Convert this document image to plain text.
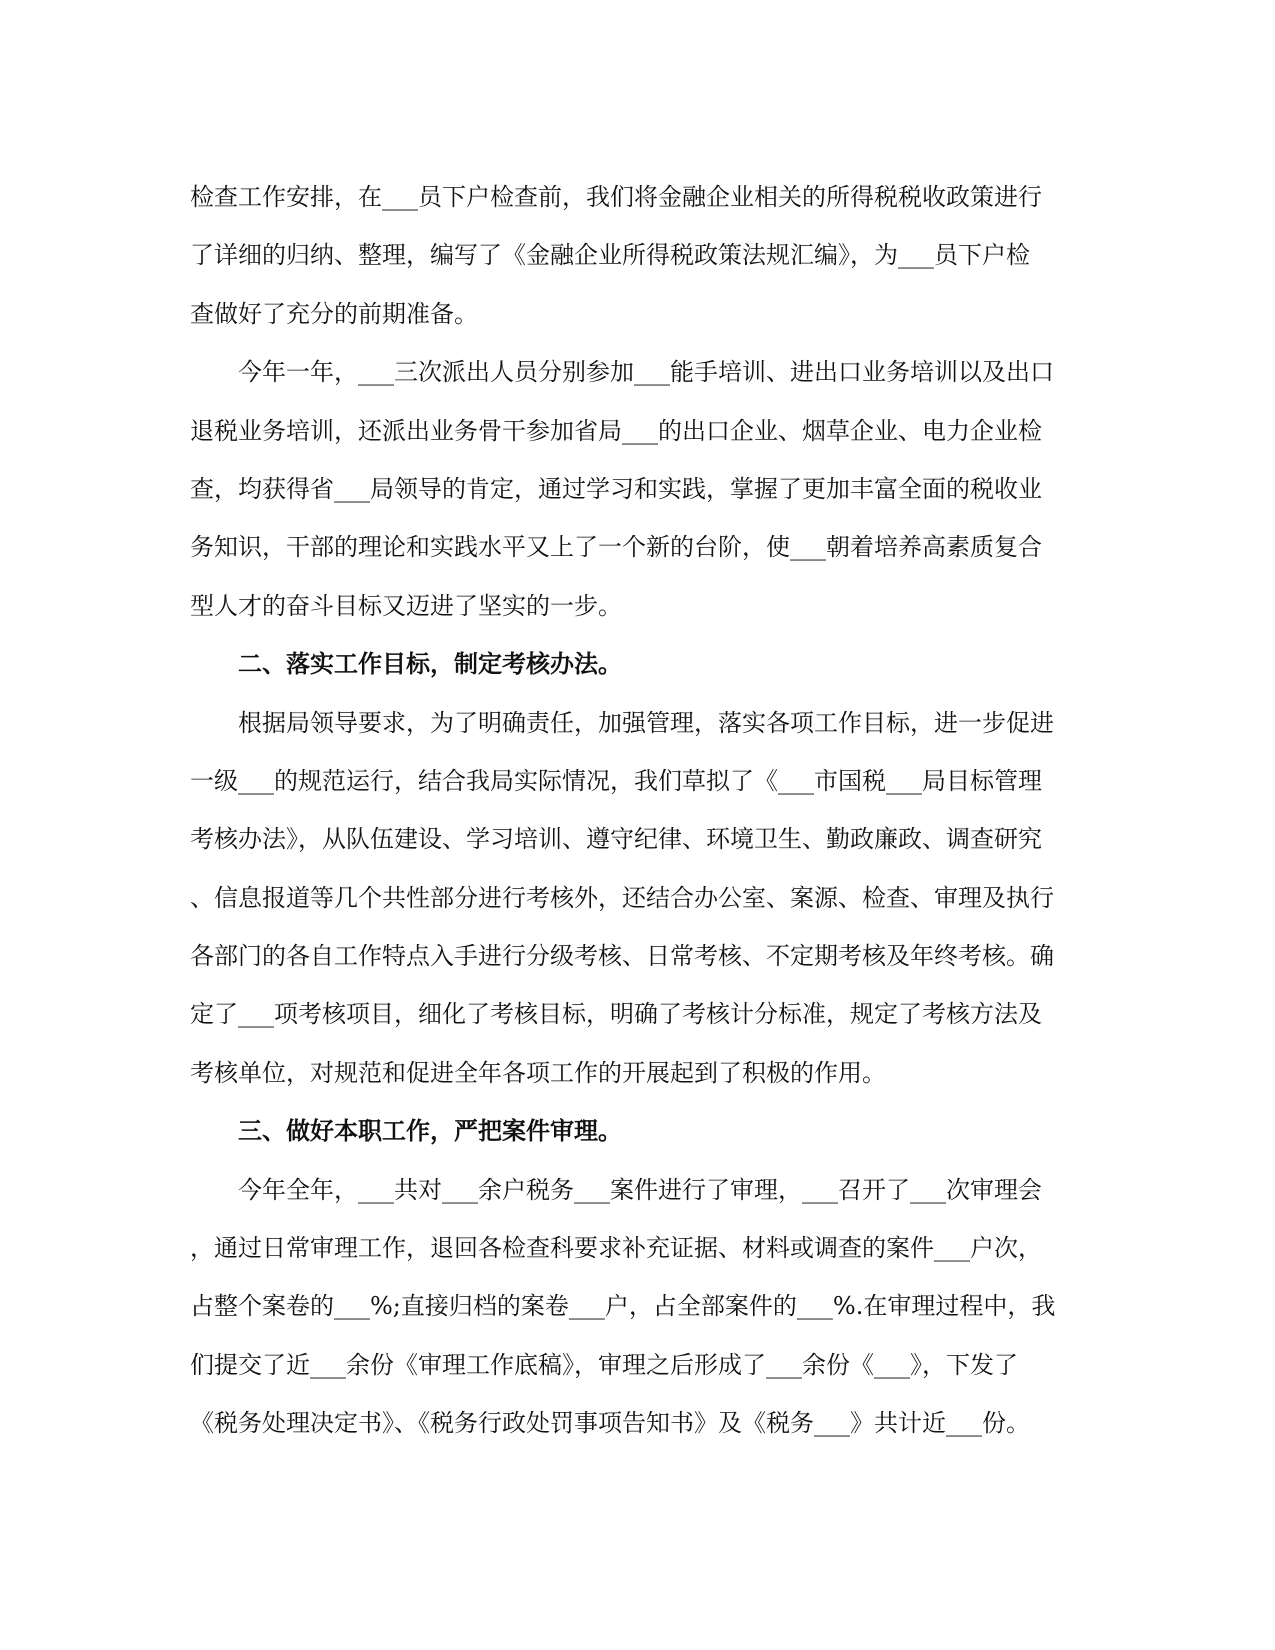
检查工作安排，在___员下户检查前，我们将金融企业相关的所得税税收政策进行
了详细的归纳、整理，编写了《金融企业所得税政策法规汇编》，为___员下户检
查做好了充分的前期准备。
今年一年，___三次派出人员分别参加___能手培训、进出口业务培训以及出口
退税业务培训，还派出业务骨干参加省局___的出口企业、烟草企业、电力企业检
查，均获得省___局领导的肯定，通过学习和实践，掌握了更加丰富全面的税收业
务知识，干部的理论和实践水平又上了一个新的台阶，使___朝着培养高素质复合
型人才的奋斗目标又迈进了坚实的一步。
二、落实工作目标，制定考核办法。
根据局领导要求，为了明确责任，加强管理，落实各项工作目标，进一步促进
一级___的规范运行，结合我局实际情况，我们草拟了《___市国税___局目标管理
考核办法》，从队伍建设、学习培训、遵守纪律、环境卫生、勤政廉政、调查研究
、信息报道等几个共性部分进行考核外，还结合办公室、案源、检查、审理及执行
各部门的各自工作特点入手进行分级考核、日常考核、不定期考核及年终考核。确
定了___项考核项目，细化了考核目标，明确了考核计分标准，规定了考核方法及
考核单位，对规范和促进全年各项工作的开展起到了积极的作用。
三、做好本职工作，严把案件审理。
今年全年，___共对___余户税务___案件进行了审理，___召开了___次审理会
，通过日常审理工作，退回各检查科要求补充证据、材料或调查的案件___户次，
占整个案卷的___%;直接归档的案卷___户，占全部案件的___%.在审理过程中，我
们提交了近___余份《审理工作底稿》，审理之后形成了___余份《___》，下发了
《税务处理决定书》、《税务行政处罚事项告知书》及《税务___》共计近___份。
